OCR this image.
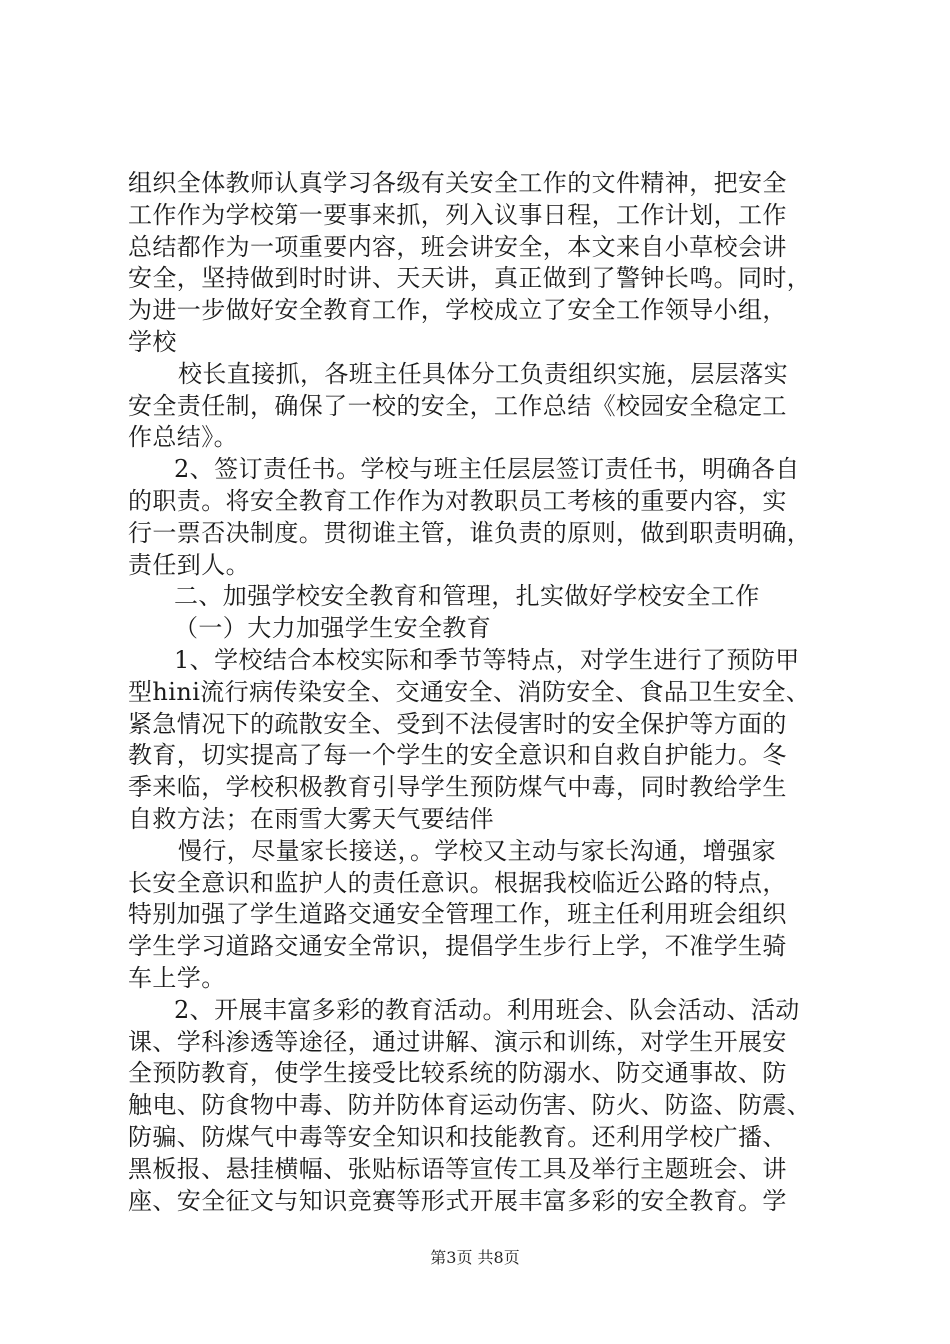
组织全体教师认真学习各级有关安全工作的文件精神，把安全
工作作为学校第一要事来抓，列入议事日程，工作计划，工作
总结都作为一项重要内容，班会讲安全，本文来自小草校会讲
安全，坚持做到时时讲、天天讲，真正做到了警钟长鸣。同时，
为进一步做好安全教育工作，学校成立了安全工作领导小组，
学校
校长直接抓，各班主任具体分工负责组织实施，层层落实
安全责任制，确保了一校的安全，工作总结《校园安全稳定工
作总结》。
2、签订责任书。学校与班主任层层签订责任书，明确各自
的职责。将安全教育工作作为对教职员工考核的重要内容，实
行一票否决制度。贯彻谁主管，谁负责的原则，做到职责明确，
责任到人。
二、加强学校安全教育和管理，扎实做好学校安全工作
（一）大力加强学生安全教育
1、学校结合本校实际和季节等特点，对学生进行了预防甲
型hini流行病传染安全、交通安全、消防安全、食品卫生安全、
紧急情况下的疏散安全、受到不法侵害时的安全保护等方面的
教育，切实提高了每一个学生的安全意识和自救自护能力。冬
季来临，学校积极教育引导学生预防煤气中毒，同时教给学生
自救方法；在雨雪大雾天气要结伴
慢行，尽量家长接送，。学校又主动与家长沟通，增强家
长安全意识和监护人的责任意识。根据我校临近公路的特点，
特别加强了学生道路交通安全管理工作，班主任利用班会组织
学生学习道路交通安全常识，提倡学生步行上学，不准学生骑
车上学。
2、开展丰富多彩的教育活动。利用班会、队会活动、活动
课、学科渗透等途径，通过讲解、演示和训练，对学生开展安
全预防教育，使学生接受比较系统的防溺水、防交通事故、防
触电、防食物中毒、防并防体育运动伤害、防火、防盗、防震、
防骗、防煤气中毒等安全知识和技能教育。还利用学校广播、
黑板报、悬挂横幅、张贴标语等宣传工具及举行主题班会、讲
座、安全征文与知识竞赛等形式开展丰富多彩的安全教育。学
第3页 共8页
